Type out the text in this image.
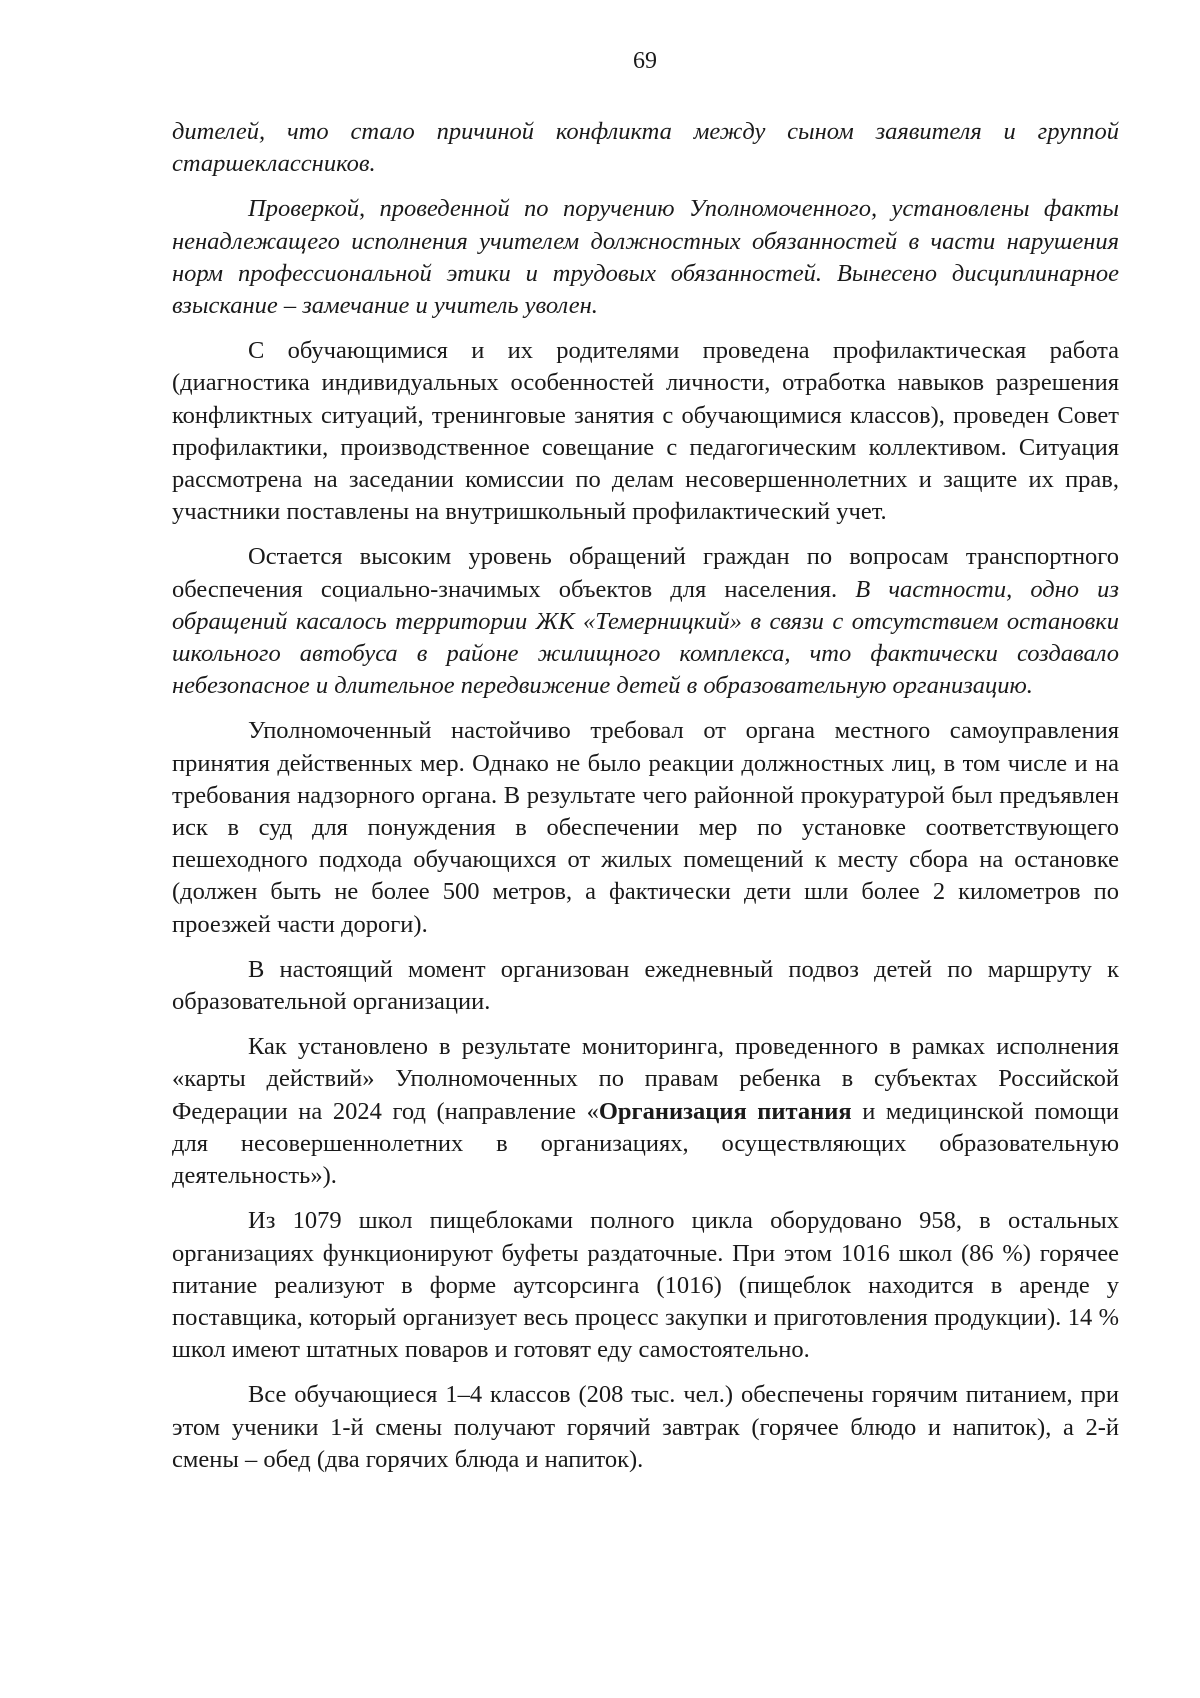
69

дителей, что стало причиной конфликта между сыном заявителя и группой старшеклассников.

Проверкой, проведенной по поручению Уполномоченного, установлены факты ненадлежащего исполнения учителем должностных обязанностей в части нарушения норм профессиональной этики и трудовых обязанностей. Вынесено дисциплинарное взыскание – замечание и учитель уволен.

С обучающимися и их родителями проведена профилактическая работа (диагностика индивидуальных особенностей личности, отработка навыков разрешения конфликтных ситуаций, тренинговые занятия с обучающимися классов), проведен Совет профилактики, производственное совещание с педагогическим коллективом. Ситуация рассмотрена на заседании комиссии по делам несовершеннолетних и защите их прав, участники поставлены на внутришкольный профилактический учет.

Остается высоким уровень обращений граждан по вопросам транспортного обеспечения социально-значимых объектов для населения. В частности, одно из обращений касалось территории ЖК «Темерницкий» в связи с отсутствием остановки школьного автобуса в районе жилищного комплекса, что фактически создавало небезопасное и длительное передвижение детей в образовательную организацию.

Уполномоченный настойчиво требовал от органа местного самоуправления принятия действенных мер. Однако не было реакции должностных лиц, в том числе и на требования надзорного органа. В результате чего районной прокуратурой был предъявлен иск в суд для понуждения в обеспечении мер по установке соответствующего пешеходного подхода обучающихся от жилых помещений к месту сбора на остановке (должен быть не более 500 метров, а фактически дети шли более 2 километров по проезжей части дороги).

В настоящий момент организован ежедневный подвоз детей по маршруту к образовательной организации.

Как установлено в результате мониторинга, проведенного в рамках исполнения «карты действий» Уполномоченных по правам ребенка в субъектах Российской Федерации на 2024 год (направление «Организация питания и медицинской помощи для несовершеннолетних в организациях, осуществляющих образовательную деятельность»).

Из 1079 школ пищеблоками полного цикла оборудовано 958, в остальных организациях функционируют буфеты раздаточные. При этом 1016 школ (86 %) горячее питание реализуют в форме аутсорсинга (1016) (пищеблок находится в аренде у поставщика, который организует весь процесс закупки и приготовления продукции). 14 % школ имеют штатных поваров и готовят еду самостоятельно.

Все обучающиеся 1–4 классов (208 тыс. чел.) обеспечены горячим питанием, при этом ученики 1-й смены получают горячий завтрак (горячее блюдо и напиток), а 2-й смены – обед (два горячих блюда и напиток).
